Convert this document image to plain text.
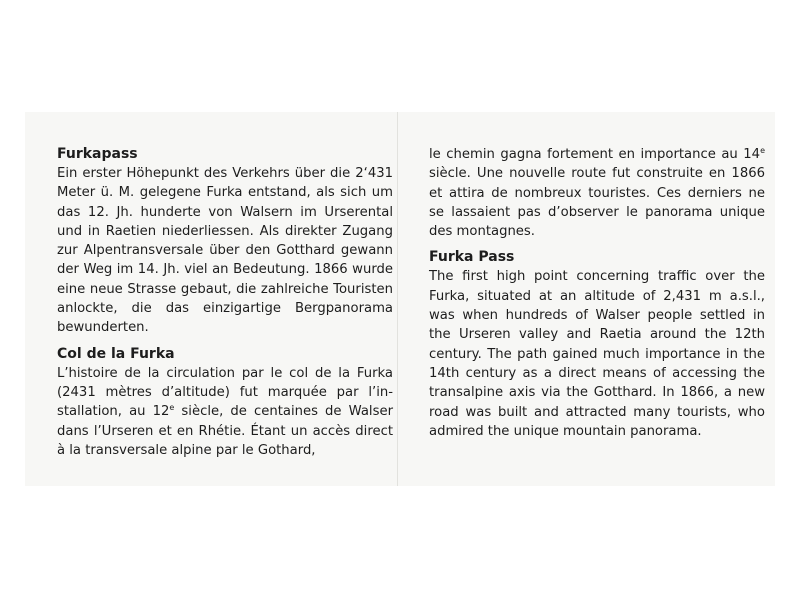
Furkapass

Ein erster Höhepunkt des Verkehrs über die 2‘431 Meter ü. M. gelegene Furka entstand, als sich um das 12. Jh. hunderte von Walsern im Urserental und in Raetien niederliessen. Als direkter Zugang zur Alpentransversale über den Gotthard gewann der Weg im 14. Jh. viel an Bedeutung. 1866 wurde eine neue Strasse gebaut, die zahlreiche Touristen anlockte, die das einzigartige Bergpanorama bewunderten.

Col de la Furka

L’histoire de la circulation par le col de la Furka (2431 mètres d’altitude) fut marquée par l’installation, au 12e siècle, de centaines de Walser dans l’Urseren et en Rhétie. Étant un accès direct à la transversale alpine par le Gothard,

le chemin gagna fortement en importance au 14e siècle. Une nouvelle route fut construite en 1866 et attira de nombreux touristes. Ces derniers ne se lassaient pas d’observer le panorama unique des montagnes.

Furka Pass

The first high point concerning traffic over the Furka, situated at an altitude of 2,431 m a.s.l., was when hundreds of Walser people settled in the Urseren valley and Raetia around the 12th century. The path gained much importance in the 14th century as a direct means of accessing the transalpine axis via the Gotthard. In 1866, a new road was built and attracted many tourists, who admired the unique mountain panorama.
